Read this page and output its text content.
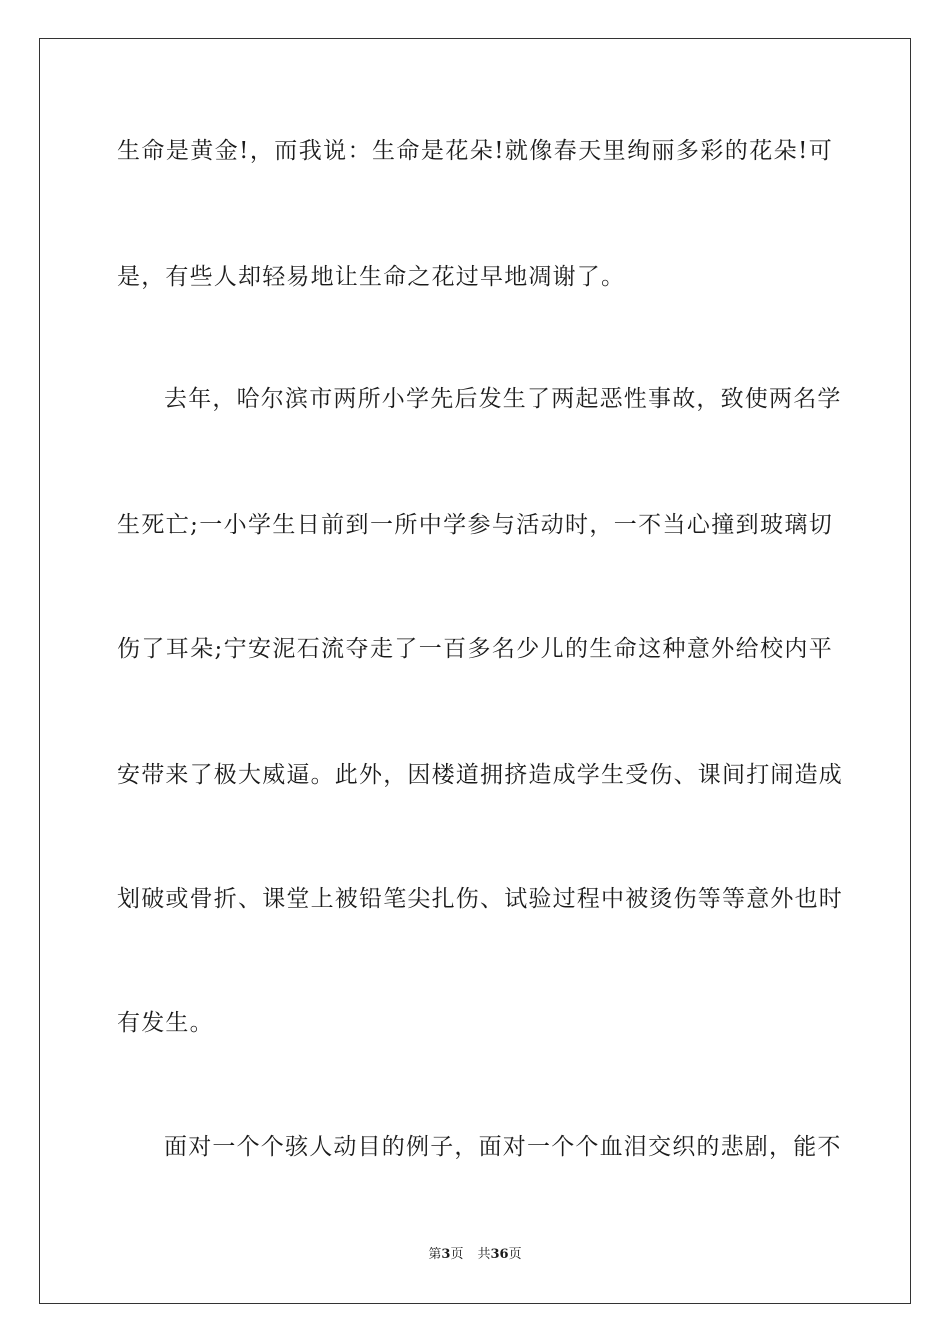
生命是黄金!，而我说：生命是花朵!就像春天里绚丽多彩的花朵!可
是，有些人却轻易地让生命之花过早地凋谢了。
去年，哈尔滨市两所小学先后发生了两起恶性事故，致使两名学
生死亡;一小学生日前到一所中学参与活动时，一不当心撞到玻璃切
伤了耳朵;宁安泥石流夺走了一百多名少儿的生命这种意外给校内平
安带来了极大威逼。此外，因楼道拥挤造成学生受伤、课间打闹造成
划破或骨折、课堂上被铅笔尖扎伤、试验过程中被烫伤等等意外也时
有发生。
面对一个个骇人动目的例子，面对一个个血泪交织的悲剧，能不
第3页 共36页
